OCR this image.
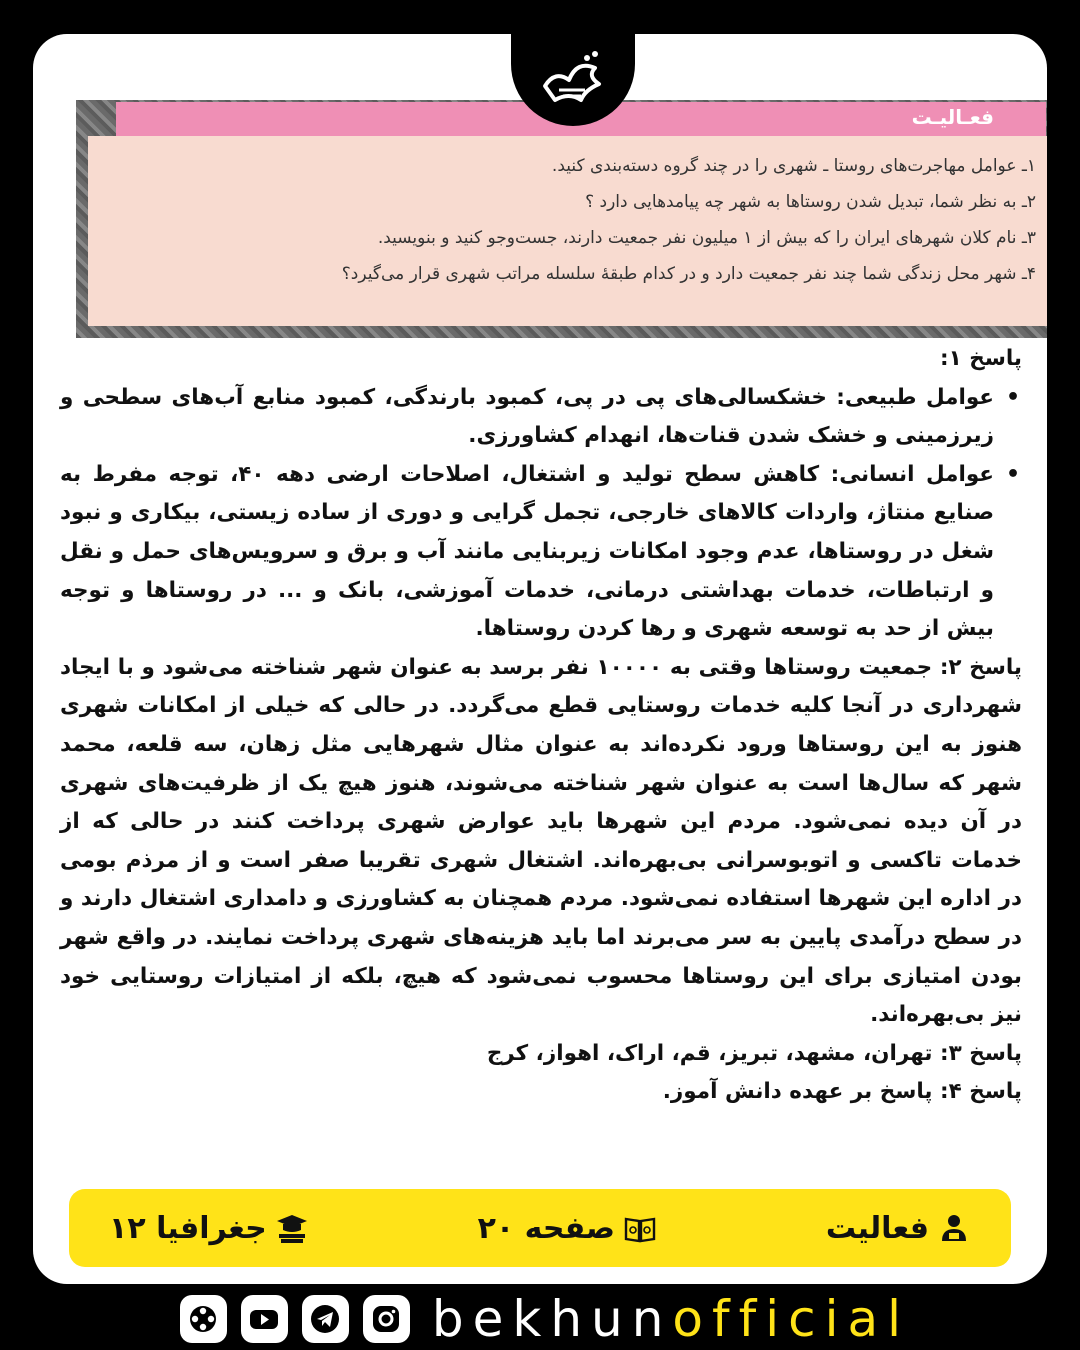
فعـالیـت

۱ـ عوامل مهاجرت‌های روستا ـ شهری را در چند گروه دسته‌بندی کنید.

۲ـ به نظر شما، تبدیل شدن روستاها به شهر چه پیامدهایی دارد ؟

۳ـ نام کلان شهرهای ایران را که بیش از ۱ میلیون نفر جمعیت دارند، جست‌وجو کنید و بنویسید.

۴ـ شهر محل زندگی شما چند نفر جمعیت دارد و در کدام طبقهٔ سلسله مراتب شهری قرار می‌گیرد؟

پاسخ ۱:
• عوامل طبیعی: خشکسالی‌های پی در پی، کمبود بارندگی، کمبود منابع آب‌های سطحی و زیرزمینی و خشک شدن قنات‌ها، انهدام کشاورزی.
• عوامل انسانی: کاهش سطح تولید و اشتغال، اصلاحات ارضی دهه ۴۰، توجه مفرط به صنایع منتاژ، واردات کالاهای خارجی، تجمل گرایی و دوری از ساده زیستی، بیکاری و نبود شغل در روستاها، عدم وجود امکانات زیربنایی مانند آب و برق و سرویس‌های حمل و نقل و ارتباطات، خدمات بهداشتی درمانی، خدمات آموزشی، بانک و ... در روستاها و توجه بیش از حد به توسعه شهری و رها کردن روستاها.
پاسخ ۲: جمعیت روستاها وقتی به ۱۰۰۰۰ نفر برسد به عنوان شهر شناخته می‌شود و با ایجاد شهرداری در آنجا کلیه خدمات روستایی قطع می‌گردد. در حالی که خیلی از امکانات شهری هنوز به این روستاها ورود نکرده‌اند به عنوان مثال شهرهایی مثل زهان، سه قلعه، محمد شهر که سال‌ها است به عنوان شهر شناخته می‌شوند، هنوز هیچ یک از ظرفیت‌های شهری در آن دیده نمی‌شود. مردم این شهرها باید عوارض شهری پرداخت کنند در حالی که از خدمات تاکسی و اتوبوسرانی بی‌بهره‌اند. اشتغال شهری تقریبا صفر است و از مرذم بومی در اداره این شهرها استفاده نمی‌شود. مردم همچنان به کشاورزی و دامداری اشتغال دارند و در سطح درآمدی پایین به سر می‌برند اما باید هزینه‌های شهری پرداخت نمایند. در واقع شهر بودن امتیازی برای این روستاها محسوب نمی‌شود که هیچ، بلکه از امتیازات روستایی خود نیز بی‌بهره‌اند.
پاسخ ۳: تهران، مشهد، تبریز، قم، اراک، اهواز، کرج
پاسخ ۴: پاسخ بر عهده دانش آموز.
فعالیت
صفحه ۲۰
جغرافیا ۱۲
bekhunofficial
